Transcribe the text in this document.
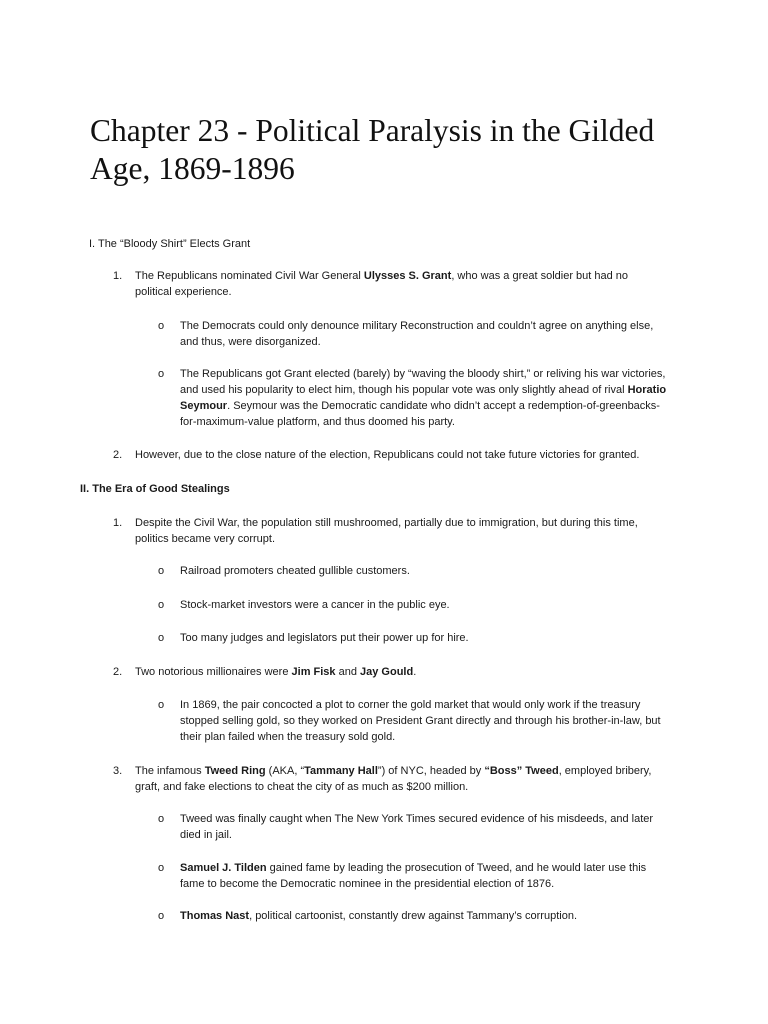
Chapter 23 - Political Paralysis in the Gilded Age, 1869-1896
I. The “Bloody Shirt” Elects Grant
1. The Republicans nominated Civil War General Ulysses S. Grant, who was a great soldier but had no political experience.
o The Democrats could only denounce military Reconstruction and couldn’t agree on anything else, and thus, were disorganized.
o The Republicans got Grant elected (barely) by “waving the bloody shirt,” or reliving his war victories, and used his popularity to elect him, though his popular vote was only slightly ahead of rival Horatio Seymour. Seymour was the Democratic candidate who didn’t accept a redemption-of-greenbacks-for-maximum-value platform, and thus doomed his party.
2. However, due to the close nature of the election, Republicans could not take future victories for granted.
II. The Era of Good Stealings
1. Despite the Civil War, the population still mushroomed, partially due to immigration, but during this time, politics became very corrupt.
o Railroad promoters cheated gullible customers.
o Stock-market investors were a cancer in the public eye.
o Too many judges and legislators put their power up for hire.
2. Two notorious millionaires were Jim Fisk and Jay Gould.
o In 1869, the pair concocted a plot to corner the gold market that would only work if the treasury stopped selling gold, so they worked on President Grant directly and through his brother-in-law, but their plan failed when the treasury sold gold.
3. The infamous Tweed Ring (AKA, “Tammany Hall”) of NYC, headed by “Boss” Tweed, employed bribery, graft, and fake elections to cheat the city of as much as $200 million.
o Tweed was finally caught when The New York Times secured evidence of his misdeeds, and later died in jail.
o Samuel J. Tilden gained fame by leading the prosecution of Tweed, and he would later use this fame to become the Democratic nominee in the presidential election of 1876.
o Thomas Nast, political cartoonist, constantly drew against Tammany’s corruption.
